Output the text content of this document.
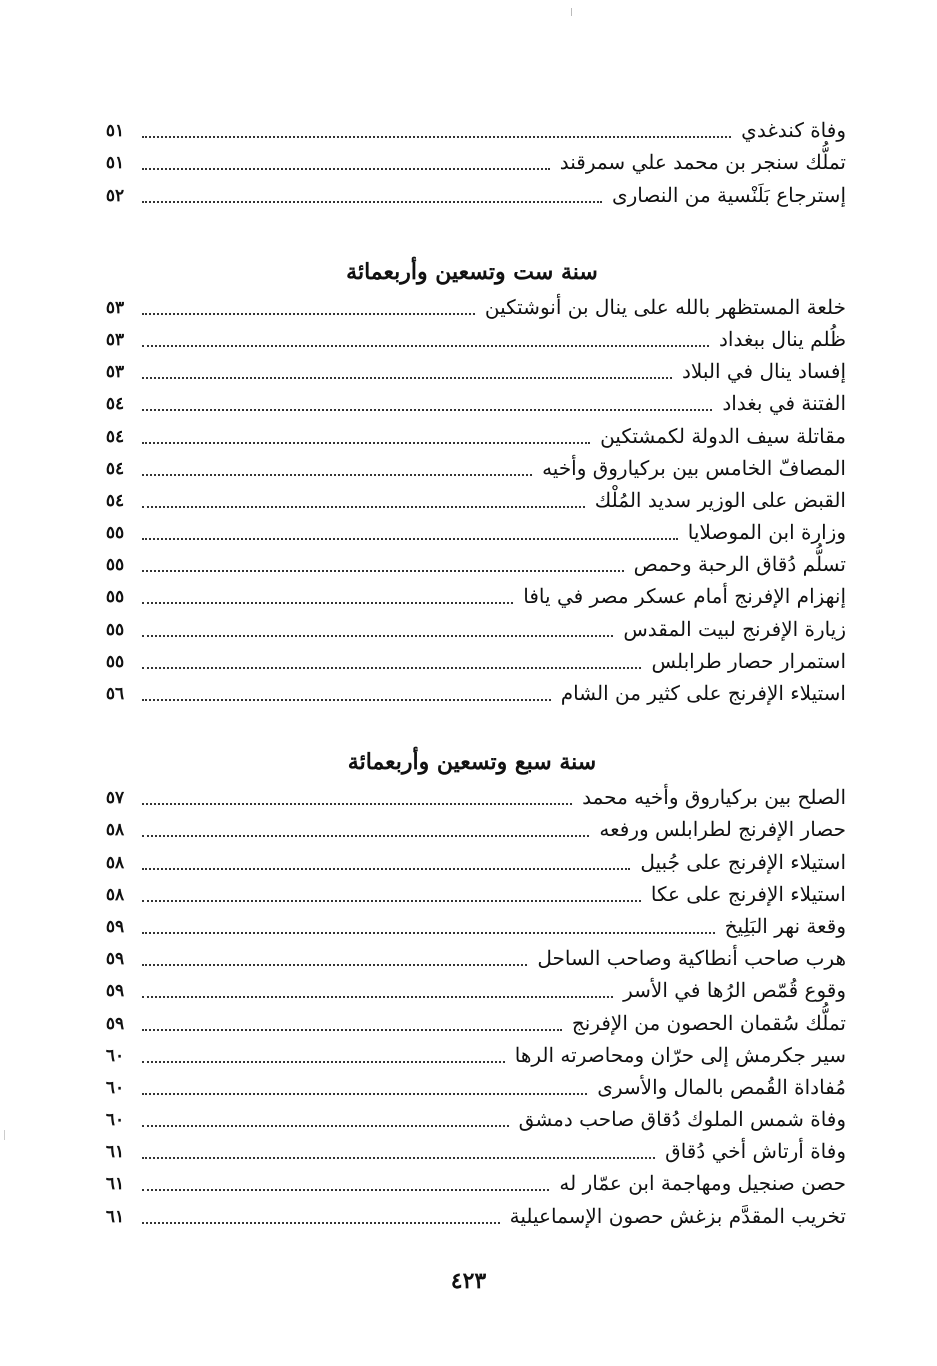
وفاة كندغدي
٥١
تملُّك سنجر بن محمد علي سمرقند
٥١
إسترجاع بَلَنْسية من النصارى
٥٢
سنة ست وتسعين وأربعمائة
خلعة المستظهر بالله على ينال بن أنوشتكين
٥٣
ظُلم ينال ببغداد
٥٣
إفساد ينال في البلاد
٥٣
الفتنة في بغداد
٥٤
مقاتلة سيف الدولة لكمشتكين
٥٤
المصافّ الخامس بين بركياروق وأخيه
٥٤
القبض على الوزير سديد المُلْك
٥٤
وزارة ابن الموصلايا
٥٥
تسلُّم دُقاق الرحبة وحمص
٥٥
إنهزام الإفرنج أمام عسكر مصر في يافا
٥٥
زيارة الإفرنج لبيت المقدس
٥٥
استمرار حصار طرابلس
٥٥
استيلاء الإفرنج على كثير من الشام
٥٦
سنة سبع وتسعين وأربعمائة
الصلح بين بركياروق وأخيه محمد
٥٧
حصار الإفرنج لطرابلس ورفعه
٥٨
استيلاء الإفرنج على جُبيل
٥٨
استيلاء الإفرنج على عكا
٥٨
وقعة نهر البَلِيخ
٥٩
هرب صاحب أنطاكية وصاحب الساحل
٥٩
وقوع قُمّص الرُها في الأسر
٥٩
تملُّك سُقمان الحصون من الإفرنج
٥٩
سير جكرمش إلى حرّان ومحاصرته الرها
٦٠
مُفاداة القُمص بالمال والأسرى
٦٠
وفاة شمس الملوك دُقاق صاحب دمشق
٦٠
وفاة أرتاش أخي دُقاق
٦١
حصن صنجيل ومهاجمة ابن عمّار له
٦١
تخريب المقدَّم بزغش حصون الإسماعيلية
٦١
٤٢٣
